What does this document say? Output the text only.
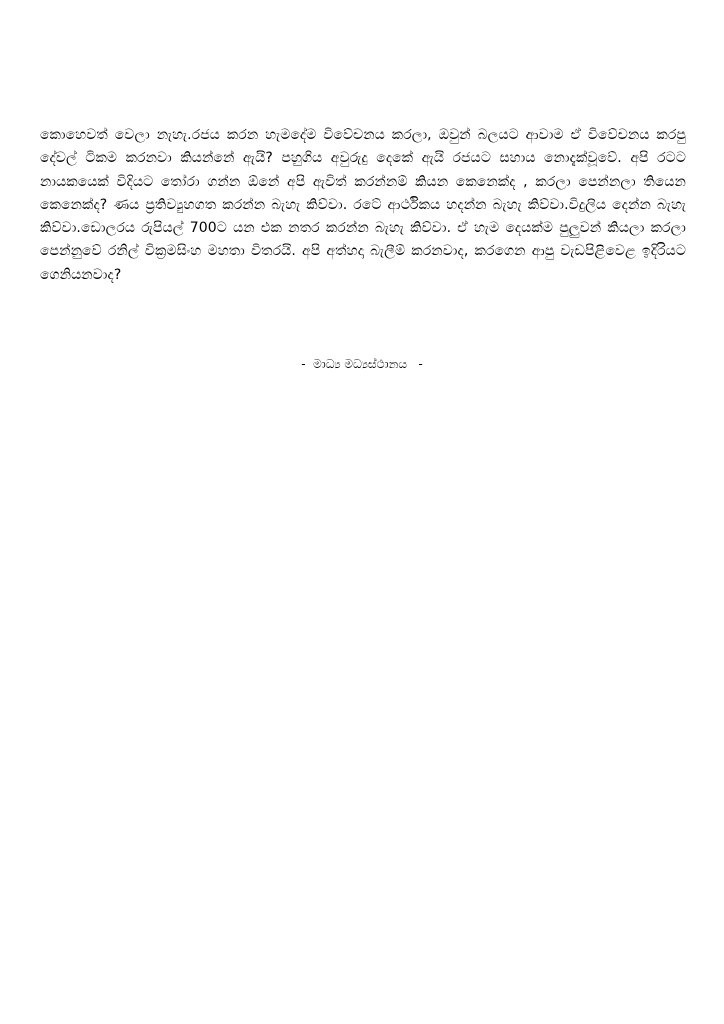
කොහෙවත් වෙලා නැහැ.රජය කරන හැමදේම විවේචනය කරලා, ඔවුන් බලයට ආවාම ඒ විවේචනය කරපු දේවල් ටිකම කරනවා කියන්නේ ඇයි? පහුගිය අවුරුදු දෙකේ ඇයි රජයට සහාය නොදැක්වූවේ. අපි රටට නායකයෙක් විදියට තෝරා ගන්න ඕනේ අපි ඇවිත් කරන්නම් කියන කෙනෙක්ද , කරලා පෙන්නලා තියෙන කෙනෙක්ද? ණය ප්‍රතිව්‍යුහගත කරන්න බැහැ කිව්වා. රටේ ආර්ථිකය හදන්න බැහැ කිව්වා.විදුලිය දෙන්න බැහැ කිව්වා.ඩොලරය රුපියල් 700ට යන එක නතර කරන්න බැහැ කිව්වා. ඒ හැම දෙයක්ම පුලුවන් කියලා කරලා පෙන්නුවේ රනිල් වික්‍රමසිංහ මහතා විතරයි. අපි අත්හදා බැලීම් කරනවාද, කරගෙන ආපු වැඩපිළිවෙළ ඉදිරියට ගෙනියනවාද?

-  මාධ්‍ය මධ්‍යස්ථානය   -
